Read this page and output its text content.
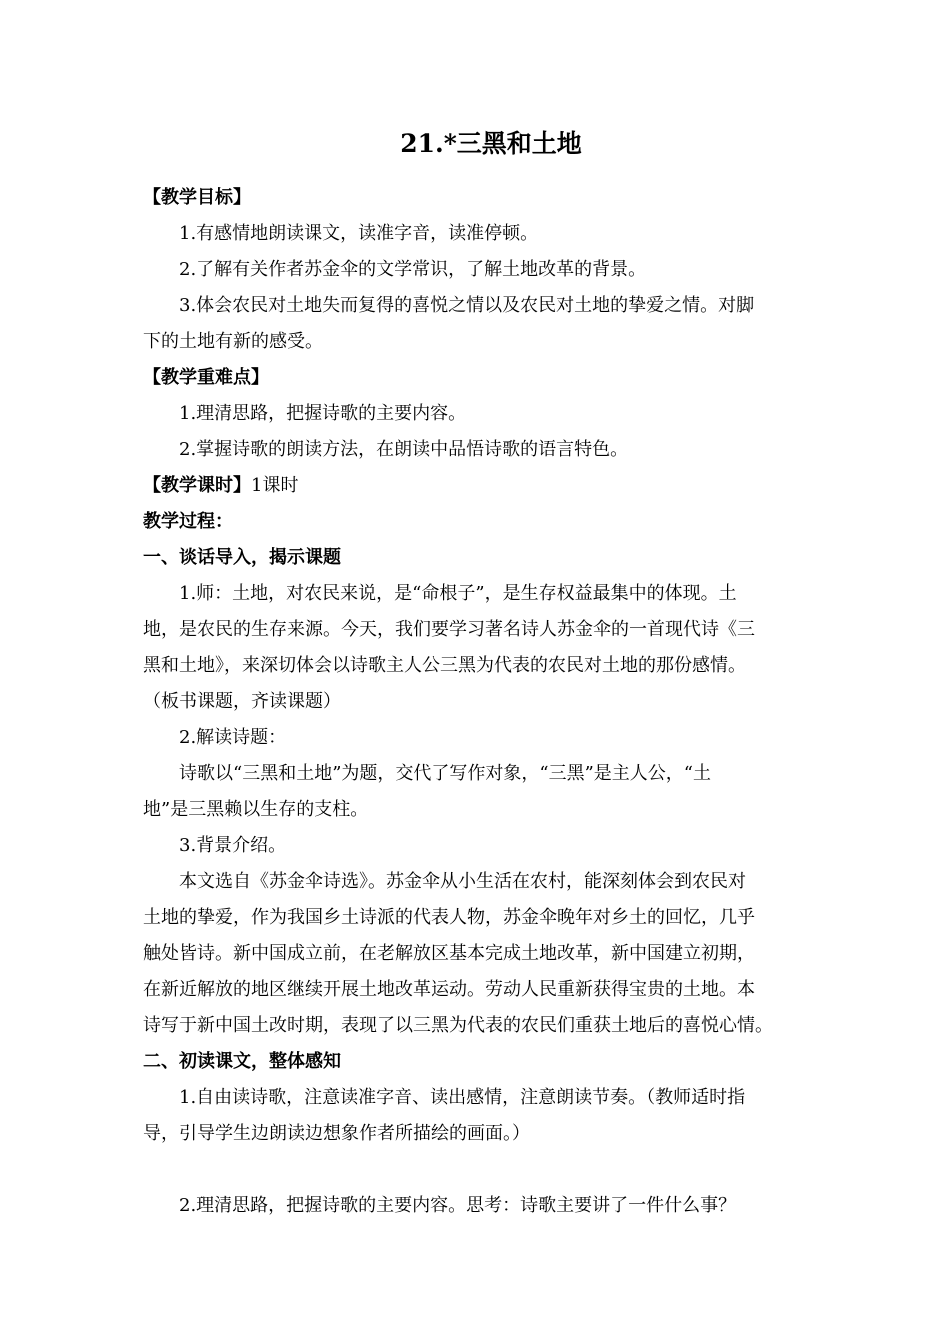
21.*三黑和土地
【教学目标】
1.有感情地朗读课文，读准字音，读准停顿。
2.了解有关作者苏金伞的文学常识，了解土地改革的背景。
3.体会农民对土地失而复得的喜悦之情以及农民对土地的挚爱之情。对脚
下的土地有新的感受。
【教学重难点】
1.理清思路，把握诗歌的主要内容。
2.掌握诗歌的朗读方法，在朗读中品悟诗歌的语言特色。
【教学课时】1课时
教学过程：
一、谈话导入，揭示课题
1.师：土地，对农民来说，是“命根子”，是生存权益最集中的体现。土
地，是农民的生存来源。今天，我们要学习著名诗人苏金伞的一首现代诗《三
黑和土地》，来深切体会以诗歌主人公三黑为代表的农民对土地的那份感情。
（板书课题，齐读课题）
2.解读诗题：
诗歌以“三黑和土地”为题，交代了写作对象，“三黑”是主人公，“土
地”是三黑赖以生存的支柱。
3.背景介绍。
本文选自《苏金伞诗选》。苏金伞从小生活在农村，能深刻体会到农民对
土地的挚爱，作为我国乡土诗派的代表人物，苏金伞晚年对乡土的回忆，几乎
触处皆诗。新中国成立前，在老解放区基本完成土地改革，新中国建立初期，
在新近解放的地区继续开展土地改革运动。劳动人民重新获得宝贵的土地。本
诗写于新中国土改时期，表现了以三黑为代表的农民们重获土地后的喜悦心情。
二、初读课文，整体感知
1.自由读诗歌，注意读准字音、读出感情，注意朗读节奏。（教师适时指
导，引导学生边朗读边想象作者所描绘的画面。）
2.理清思路，把握诗歌的主要内容。思考：诗歌主要讲了一件什么事？
